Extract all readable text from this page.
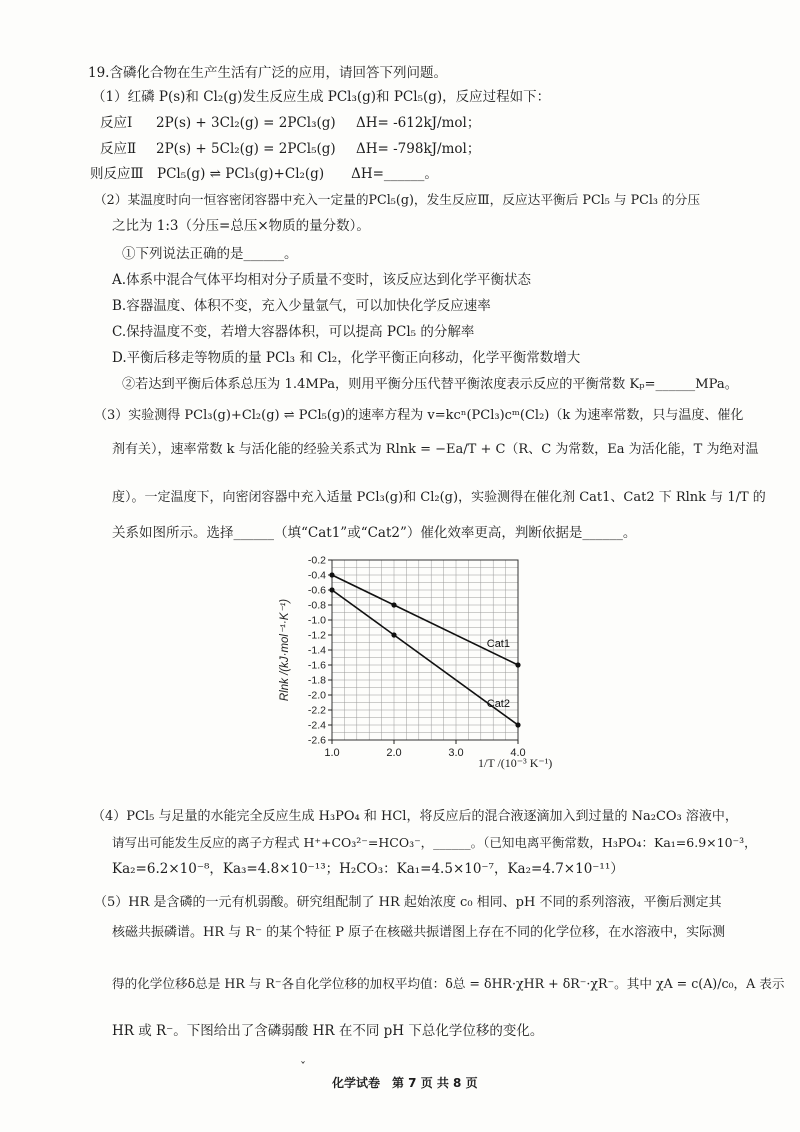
19.含磷化合物在生产生活有广泛的应用，请回答下列问题。
（1）红磷 P(s)和 Cl₂(g)发生反应生成 PCl₃(g)和 PCl₅(g)，反应过程如下：
反应Ⅰ 2P(s) + 3Cl₂(g) = 2PCl₃(g) ΔH= -612kJ/mol；
反应Ⅱ 2P(s) + 5Cl₂(g) = 2PCl₅(g) ΔH= -798kJ/mol；
则反应Ⅲ　PCl₅(g) ⇌ PCl₃(g)+Cl₂(g)　　ΔH=______。
（2）某温度时向一恒容密闭容器中充入一定量的PCl₅(g)，发生反应Ⅲ，反应达平衡后 PCl₅ 与 PCl₃ 的分压
之比为 1:3（分压=总压×物质的量分数）。
①下列说法正确的是______。
A.体系中混合气体平均相对分子质量不变时，该反应达到化学平衡状态
B.容器温度、体积不变，充入少量氩气，可以加快化学反应速率
C.保持温度不变，若增大容器体积，可以提高 PCl₅ 的分解率
D.平衡后移走等物质的量 PCl₃ 和 Cl₂，化学平衡正向移动，化学平衡常数增大
②若达到平衡后体系总压为 1.4MPa，则用平衡分压代替平衡浓度表示反应的平衡常数 Kₚ=______MPa。
（3）实验测得 PCl₃(g)+Cl₂(g) ⇌ PCl₅(g)的速率方程为 v=kcⁿ(PCl₃)cᵐ(Cl₂)（k 为速率常数，只与温度、催化
剂有关），速率常数 k 与活化能的经验关系式为 Rlnk = −Ea/T + C（R、C 为常数，Ea 为活化能，T 为绝对温
度）。一定温度下，向密闭容器中充入适量 PCl₃(g)和 Cl₂(g)，实验测得在催化剂 Cat1、Cat2 下 Rlnk 与 1/T 的
关系如图所示。选择______（填“Cat1”或“Cat2”）催化效率更高，判断依据是______。
-0.2
-0.4
-0.6
-0.8
-1.0
-1.2
-1.4
-1.6
-1.8
-2.0
-2.2
-2.4
-2.6
1.0	2.0	3.0	4.0
Rlnk /(kJ·mol⁻¹·K⁻¹)	Cat1
Cat2
1/T /(10⁻³ K⁻¹)
（4）PCl₅ 与足量的水能完全反应生成 H₃PO₄ 和 HCl，将反应后的混合液逐滴加入到过量的 Na₂CO₃ 溶液中，
请写出可能发生反应的离子方程式 H⁺+CO₃²⁻=HCO₃⁻，______。（已知电离平衡常数，H₃PO₄：Ka₁=6.9×10⁻³，
Ka₂=6.2×10⁻⁸，Ka₃=4.8×10⁻¹³；H₂CO₃：Ka₁=4.5×10⁻⁷，Ka₂=4.7×10⁻¹¹）
（5）HR 是含磷的一元有机弱酸。研究组配制了 HR 起始浓度 c₀ 相同、pH 不同的系列溶液，平衡后测定其
核磁共振磷谱。HR 与 R⁻ 的某个特征 P 原子在核磁共振谱图上存在不同的化学位移，在水溶液中，实际测
得的化学位移δ总是 HR 与 R⁻各自化学位移的加权平均值：δ总 = δHR·χHR + δR⁻·χR⁻。其中 χA = c(A)/c₀，A 表示
HR 或 R⁻。下图给出了含磷弱酸 HR 在不同 pH 下总化学位移的变化。
ˇ
化学试卷　第 7 页 共 8 页
